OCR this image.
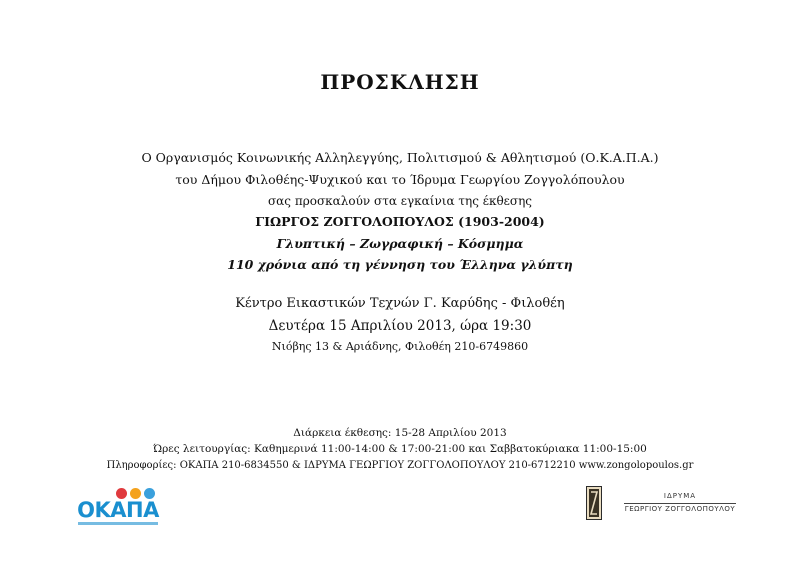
ΠΡΟΣΚΛΗΣΗ
Ο Οργανισμός Κοινωνικής Αλληλεγγύης, Πολιτισμού & Αθλητισμού (Ο.Κ.Α.Π.Α.)
του Δήμου Φιλοθέης-Ψυχικού και το Ίδρυμα Γεωργίου Ζογγολόπουλου
σας προσκαλούν στα εγκαίνια της έκθεσης
ΓΙΩΡΓΟΣ ΖΟΓΓΟΛΟΠΟΥΛΟΣ (1903-2004)
Γλυπτική – Ζωγραφική – Κόσμημα
110 χρόνια από τη γέννηση του Έλληνα γλύπτη
Κέντρο Εικαστικών Τεχνών Γ. Καρύδης - Φιλοθέη
Δευτέρα 15 Απριλίου 2013, ώρα 19:30
Νιόβης 13 & Αριάδνης, Φιλοθέη 210-6749860
Διάρκεια έκθεσης: 15-28 Απριλίου 2013
Ώρες λειτουργίας: Καθημερινά 11:00-14:00 & 17:00-21:00 και Σαββατοκύριακα 11:00-15:00
Πληροφορίες: ΟΚΑΠΑ 210-6834550 & ΙΔΡΥΜΑ ΓΕΩΡΓΙΟΥ ΖΟΓΓΟΛΟΠΟΥΛΟΥ 210-6712210 www.zongolopoulos.gr
ΟΚΑΠΑ
ΙΔΡΥΜΑ
ΓΕΩΡΓΙΟΥ ΖΟΓΓΟΛΟΠΟΥΛΟΥ
